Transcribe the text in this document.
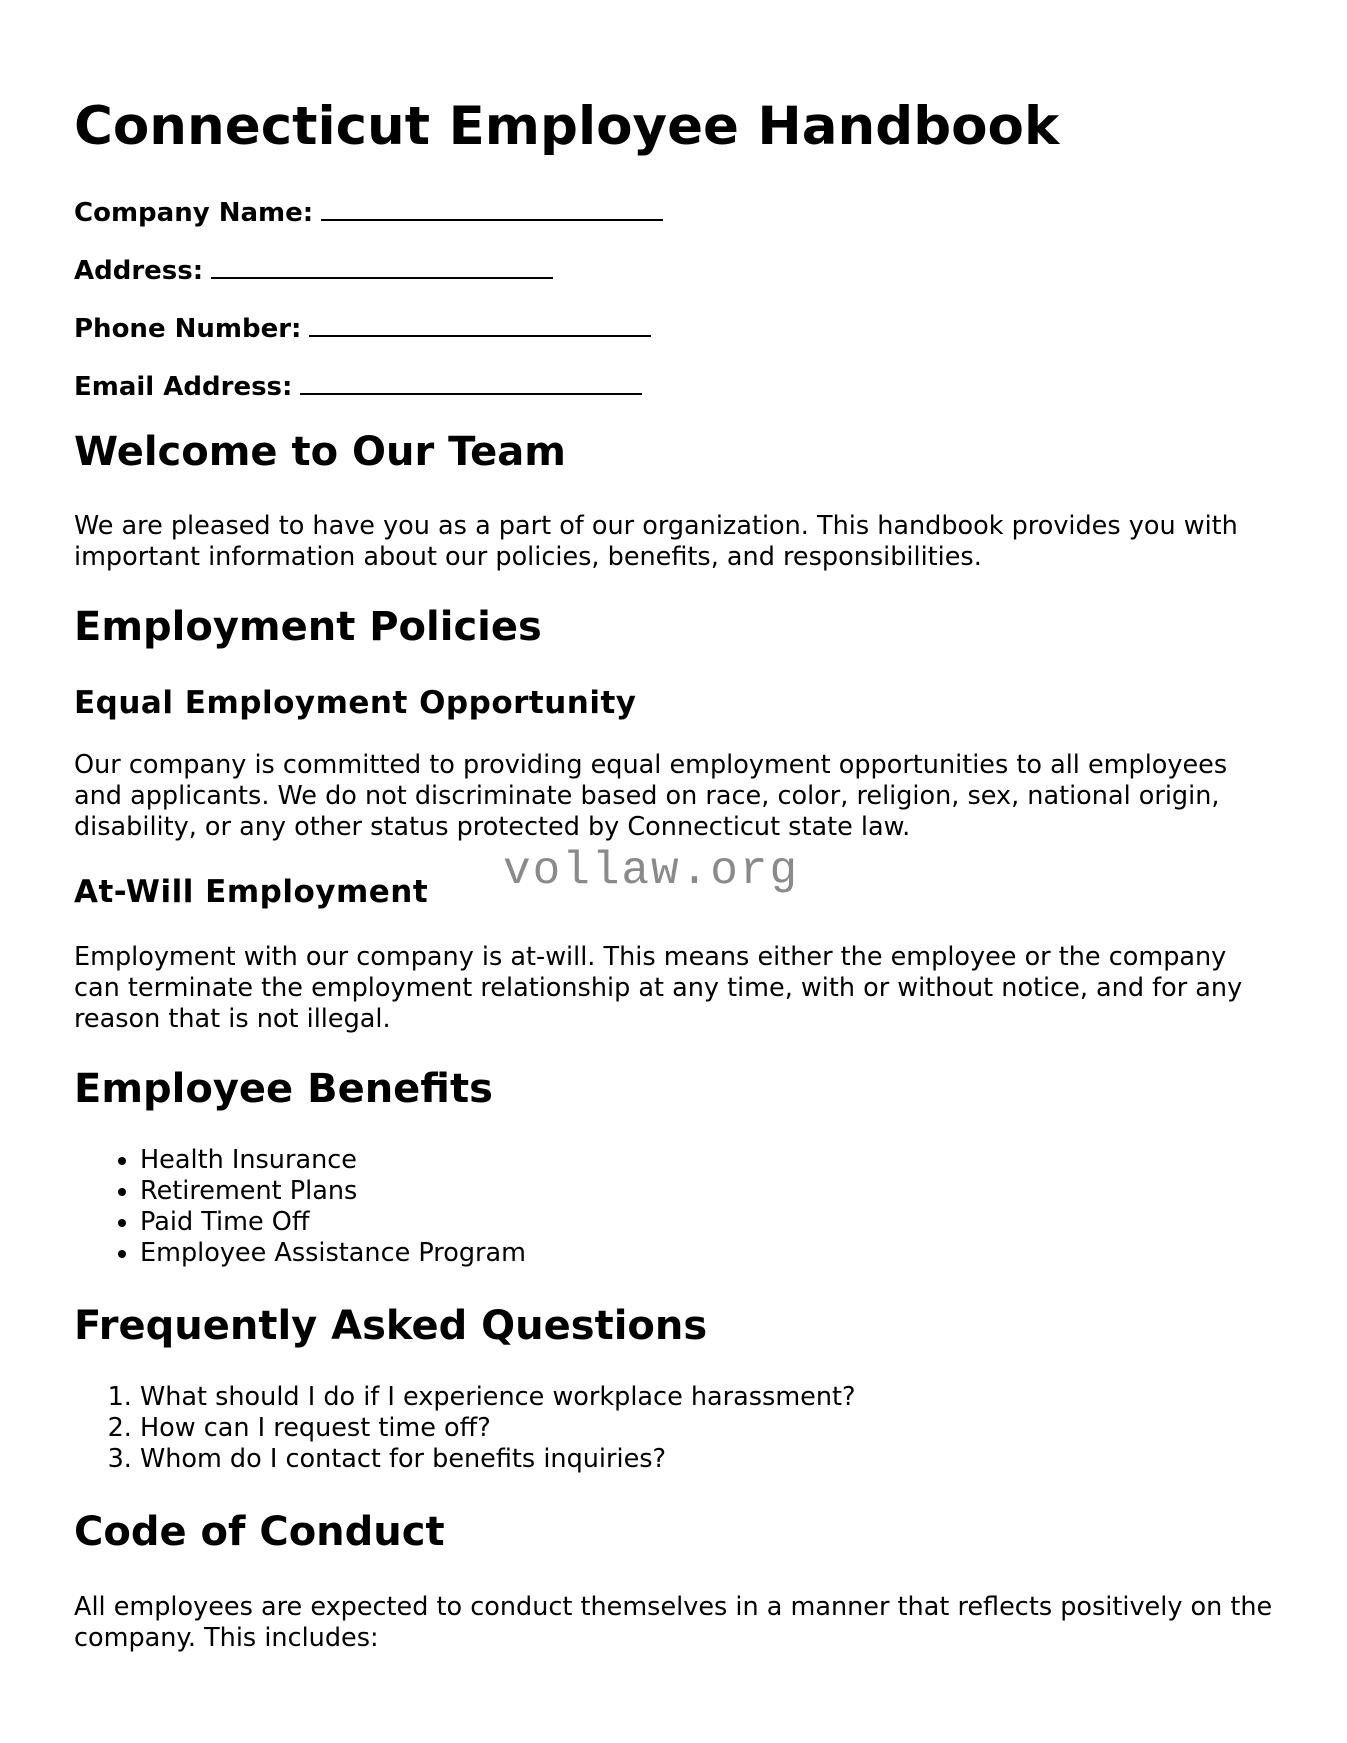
Connecticut Employee Handbook
Company Name:
Address:
Phone Number:
Email Address:
Welcome to Our Team

We are pleased to have you as a part of our organization. This handbook provides you with important information about our policies, benefits, and responsibilities.

Employment Policies
Equal Employment Opportunity

Our company is committed to providing equal employment opportunities to all employees and applicants. We do not discriminate based on race, color, religion, sex, national origin, disability, or any other status protected by Connecticut state law.

At-Will Employment

Employment with our company is at-will. This means either the employee or the company can terminate the employment relationship at any time, with or without notice, and for any reason that is not illegal.

Employee Benefits
• Health Insurance
• Retirement Plans
• Paid Time Off
• Employee Assistance Program
Frequently Asked Questions
1. What should I do if I experience workplace harassment?
2. How can I request time off?
3. Whom do I contact for benefits inquiries?
Code of Conduct

All employees are expected to conduct themselves in a manner that reflects positively on the company. This includes:

vollaw.org
